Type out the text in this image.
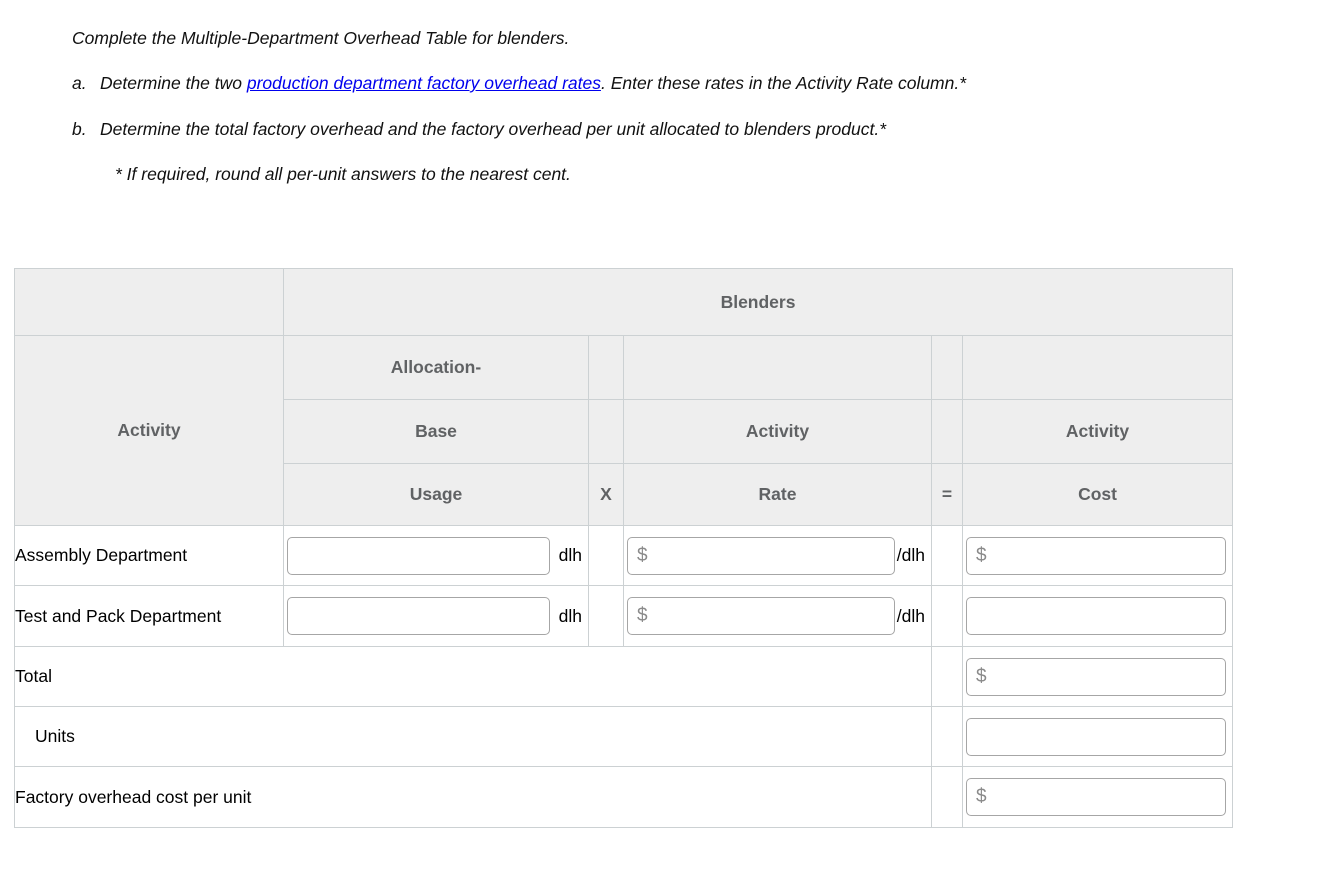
Complete the Multiple-Department Overhead Table for blenders.
a. Determine the two production department factory overhead rates. Enter these rates in the Activity Rate column.*
b. Determine the total factory overhead and the factory overhead per unit allocated to blenders product.*
* If required, round all per-unit answers to the nearest cent.
	Blenders				
Activity	Allocation-				
	Base		Activity		Activity
	Usage	X	Rate	=	Cost
Assembly Department	dlh		$ /dlh		$

Test and Pack Department	dlh		$ /dlh

Total					$

Units		

Factory overhead cost per unit					$
